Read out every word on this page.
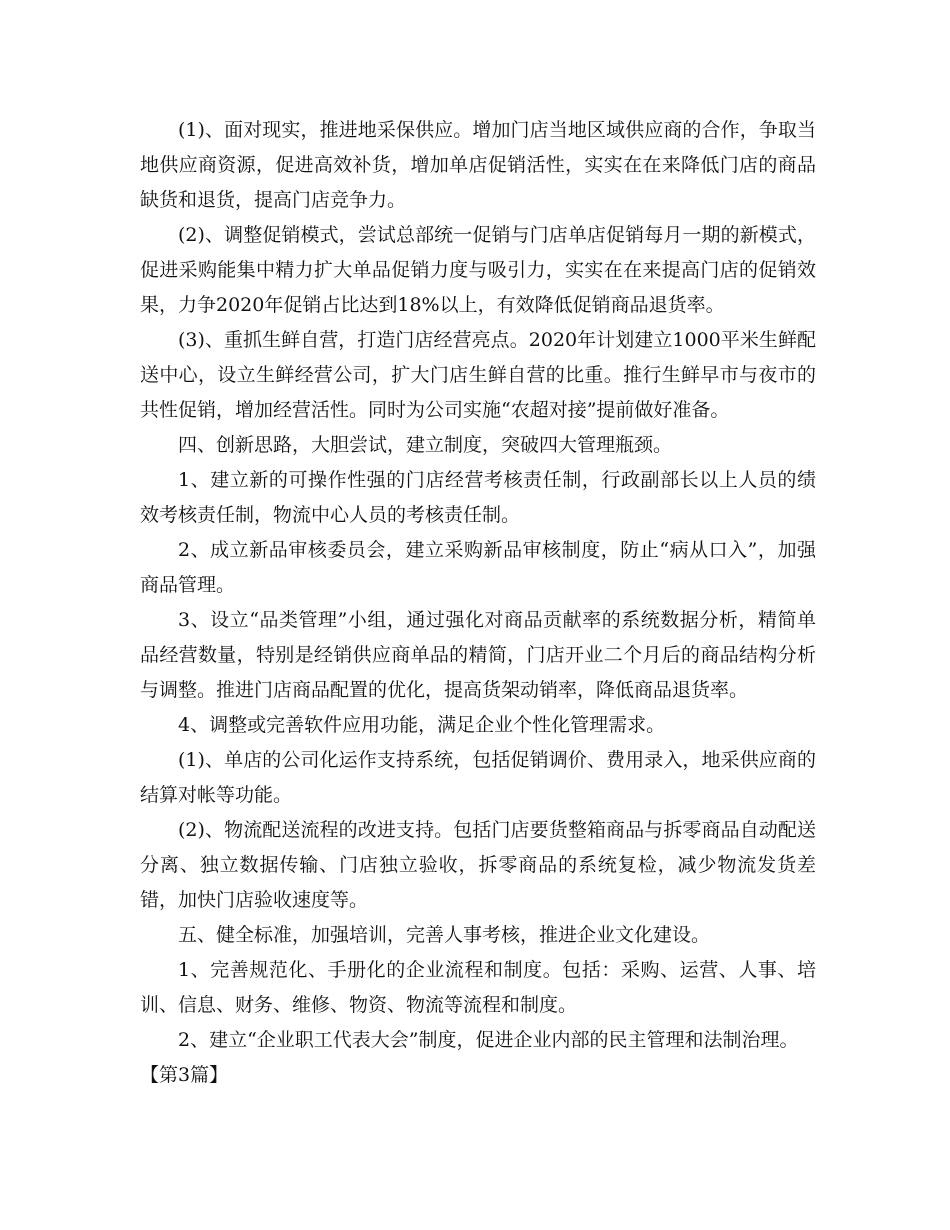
(1)、面对现实，推进地采保供应。增加门店当地区域供应商的合作，争取当地供应商资源，促进高效补货，增加单店促销活性，实实在在来降低门店的商品缺货和退货，提高门店竞争力。

(2)、调整促销模式，尝试总部统一促销与门店单店促销每月一期的新模式，促进采购能集中精力扩大单品促销力度与吸引力，实实在在来提高门店的促销效果，力争2020年促销占比达到18%以上，有效降低促销商品退货率。

(3)、重抓生鲜自营，打造门店经营亮点。2020年计划建立1000平米生鲜配送中心，设立生鲜经营公司，扩大门店生鲜自营的比重。推行生鲜早市与夜市的共性促销，增加经营活性。同时为公司实施“农超对接”提前做好准备。

四、创新思路，大胆尝试，建立制度，突破四大管理瓶颈。

1、建立新的可操作性强的门店经营考核责任制，行政副部长以上人员的绩效考核责任制，物流中心人员的考核责任制。

2、成立新品审核委员会，建立采购新品审核制度，防止“病从口入”，加强商品管理。

3、设立“品类管理”小组，通过强化对商品贡献率的系统数据分析，精简单品经营数量，特别是经销供应商单品的精简，门店开业二个月后的商品结构分析与调整。推进门店商品配置的优化，提高货架动销率，降低商品退货率。

4、调整或完善软件应用功能，满足企业个性化管理需求。

(1)、单店的公司化运作支持系统，包括促销调价、费用录入，地采供应商的结算对帐等功能。

(2)、物流配送流程的改进支持。包括门店要货整箱商品与拆零商品自动配送分离、独立数据传输、门店独立验收，拆零商品的系统复检，减少物流发货差错，加快门店验收速度等。

五、健全标准，加强培训，完善人事考核，推进企业文化建设。

1、完善规范化、手册化的企业流程和制度。包括：采购、运营、人事、培训、信息、财务、维修、物资、物流等流程和制度。

2、建立“企业职工代表大会”制度，促进企业内部的民主管理和法制治理。

【第3篇】
